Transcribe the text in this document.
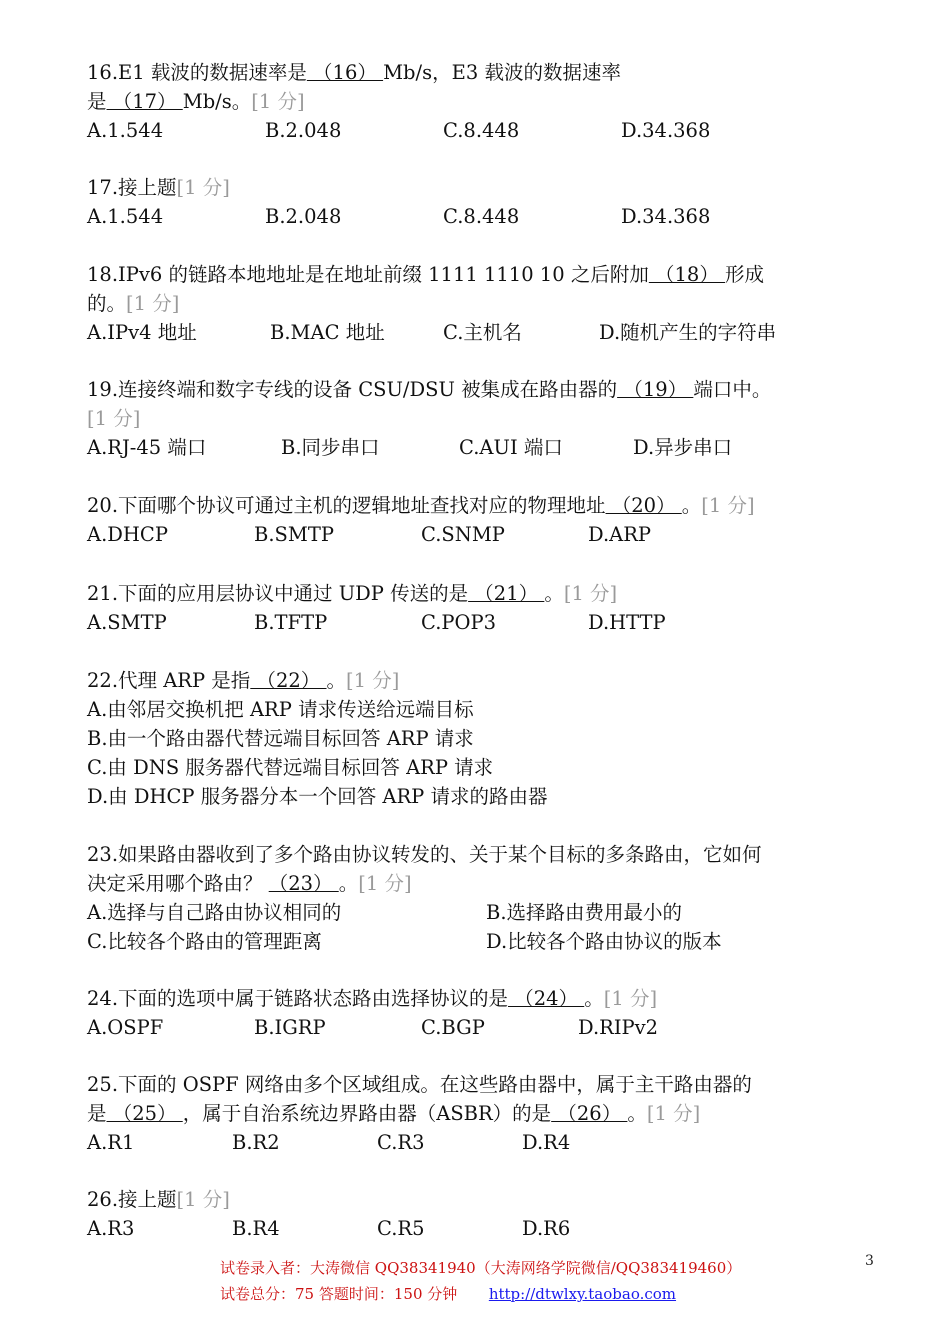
16.E1 载波的数据速率是 （16） Mb/s，E3 载波的数据速率
是 （17） Mb/s。[1 分]
A.1.544	B.2.048	C.8.448	D.34.368
17.接上题[1 分]
A.1.544	B.2.048	C.8.448	D.34.368
18.IPv6 的链路本地地址是在地址前缀 1111 1110 10 之后附加 （18） 形成
的。[1 分]
A.IPv4 地址	B.MAC 地址	C.主机名	D.随机产生的字符串
19.连接终端和数字专线的设备 CSU/DSU 被集成在路由器的 （19） 端口中。
[1 分]
A.RJ-45 端口	B.同步串口	C.AUI 端口	D.异步串口
20.下面哪个协议可通过主机的逻辑地址查找对应的物理地址 （20） 。[1 分]
A.DHCP	B.SMTP	C.SNMP	D.ARP
21.下面的应用层协议中通过 UDP 传送的是 （21） 。[1 分]
A.SMTP	B.TFTP	C.POP3	D.HTTP
22.代理 ARP 是指 （22） 。[1 分]
A.由邻居交换机把 ARP 请求传送给远端目标
B.由一个路由器代替远端目标回答 ARP 请求
C.由 DNS 服务器代替远端目标回答 ARP 请求
D.由 DHCP 服务器分本一个回答 ARP 请求的路由器
23.如果路由器收到了多个路由协议转发的、关于某个目标的多条路由，它如何
决定采用哪个路由？ （23） 。[1 分]
A.选择与自己路由协议相同的	B.选择路由费用最小的
C.比较各个路由的管理距离	D.比较各个路由协议的版本
24.下面的选项中属于链路状态路由选择协议的是 （24） 。[1 分]
A.OSPF	B.IGRP	C.BGP	D.RIPv2
25.下面的 OSPF 网络由多个区域组成。在这些路由器中，属于主干路由器的
是 （25） ，属于自治系统边界路由器（ASBR）的是 （26） 。[1 分]
A.R1	B.R2	C.R3	D.R4
26.接上题[1 分]
A.R3	B.R4	C.R5	D.R6
试卷录入者：大涛微信 QQ38341940（大涛网络学院微信/QQ383419460）
试卷总分：75 答题时间：150 分钟 http://dtwlxy.taobao.com
3
